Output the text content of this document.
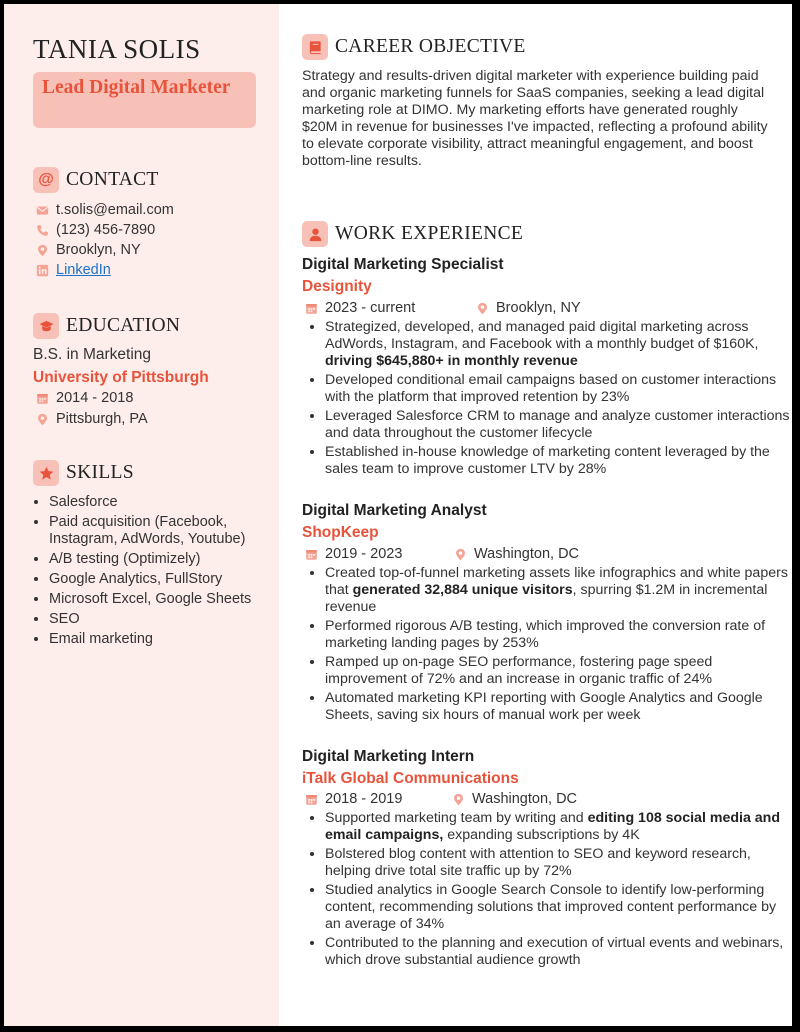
TANIA SOLIS
Lead Digital Marketer
@ CONTACT
t.solis@email.com
(123) 456-7890
Brooklyn, NY
LinkedIn
EDUCATION
B.S. in Marketing
University of Pittsburgh
2014 - 2018
Pittsburgh, PA
SKILLS
• Salesforce
• Paid acquisition (Facebook, Instagram, AdWords, Youtube)
• A/B testing (Optimizely)
• Google Analytics, FullStory
• Microsoft Excel, Google Sheets
• SEO
• Email marketing
CAREER OBJECTIVE

Strategy and results-driven digital marketer with experience building paid and organic marketing funnels for SaaS companies, seeking a lead digital marketing role at DIMO. My marketing efforts have generated roughly $20M in revenue for businesses I've impacted, reflecting a profound ability to elevate corporate visibility, attract meaningful engagement, and boost bottom-line results.

WORK EXPERIENCE
Digital Marketing Specialist
Designity
2023 - current	Brooklyn, NY
• Strategized, developed, and managed paid digital marketing across AdWords, Instagram, and Facebook with a monthly budget of $160K, driving $645,880+ in monthly revenue
• Developed conditional email campaigns based on customer interactions with the platform that improved retention by 23%
• Leveraged Salesforce CRM to manage and analyze customer interactions and data throughout the customer lifecycle
• Established in-house knowledge of marketing content leveraged by the sales team to improve customer LTV by 28%
Digital Marketing Analyst
ShopKeep
2019 - 2023	Washington, DC
• Created top-of-funnel marketing assets like infographics and white papers that generated 32,884 unique visitors, spurring $1.2M in incremental revenue
• Performed rigorous A/B testing, which improved the conversion rate of marketing landing pages by 253%
• Ramped up on-page SEO performance, fostering page speed improvement of 72% and an increase in organic traffic of 24%
• Automated marketing KPI reporting with Google Analytics and Google Sheets, saving six hours of manual work per week
Digital Marketing Intern
iTalk Global Communications
2018 - 2019	Washington, DC
• Supported marketing team by writing and editing 108 social media and email campaigns, expanding subscriptions by 4K
• Bolstered blog content with attention to SEO and keyword research, helping drive total site traffic up by 72%
• Studied analytics in Google Search Console to identify low-performing content, recommending solutions that improved content performance by an average of 34%
• Contributed to the planning and execution of virtual events and webinars, which drove substantial audience growth
